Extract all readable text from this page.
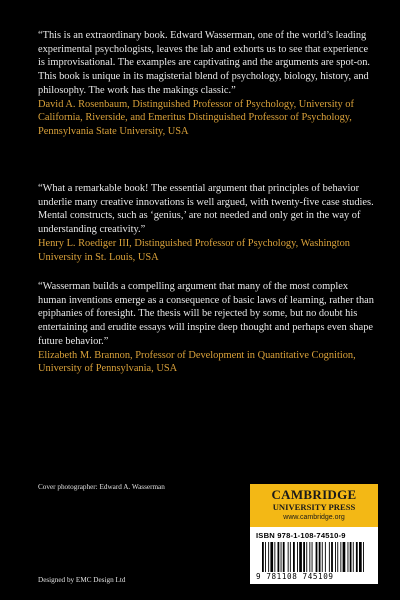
“This is an extraordinary book. Edward Wasserman, one of the world’s leading experimental psychologists, leaves the lab and exhorts us to see that experience is improvisational. The examples are captivating and the arguments are spot-on. This book is unique in its magisterial blend of psychology, biology, history, and philosophy. The work has the makings classic.”

David A. Rosenbaum, Distinguished Professor of Psychology, University of California, Riverside, and Emeritus Distinguished Professor of Psychology, Pennsylvania State University, USA

“What a remarkable book! The essential argument that principles of behavior underlie many creative innovations is well argued, with twenty-five case studies. Mental constructs, such as ‘genius,’ are not needed and only get in the way of understanding creativity.”

Henry L. Roediger III, Distinguished Professor of Psychology, Washington University in St. Louis, USA

“Wasserman builds a compelling argument that many of the most complex human inventions emerge as a consequence of basic laws of learning, rather than epiphanies of foresight. The thesis will be rejected by some, but no doubt his entertaining and erudite essays will inspire deep thought and perhaps even shape future behavior.”

Elizabeth M. Brannon, Professor of Development in Quantitative Cognition, University of Pennsylvania, USA

Cover photographer: Edward A. Wasserman	CAMBRIDGE
UNIVERSITY PRESS
www.cambridge.org
ISBN 978-1-108-74510-9
9 781108 745109
Designed by EMC Design Ltd
